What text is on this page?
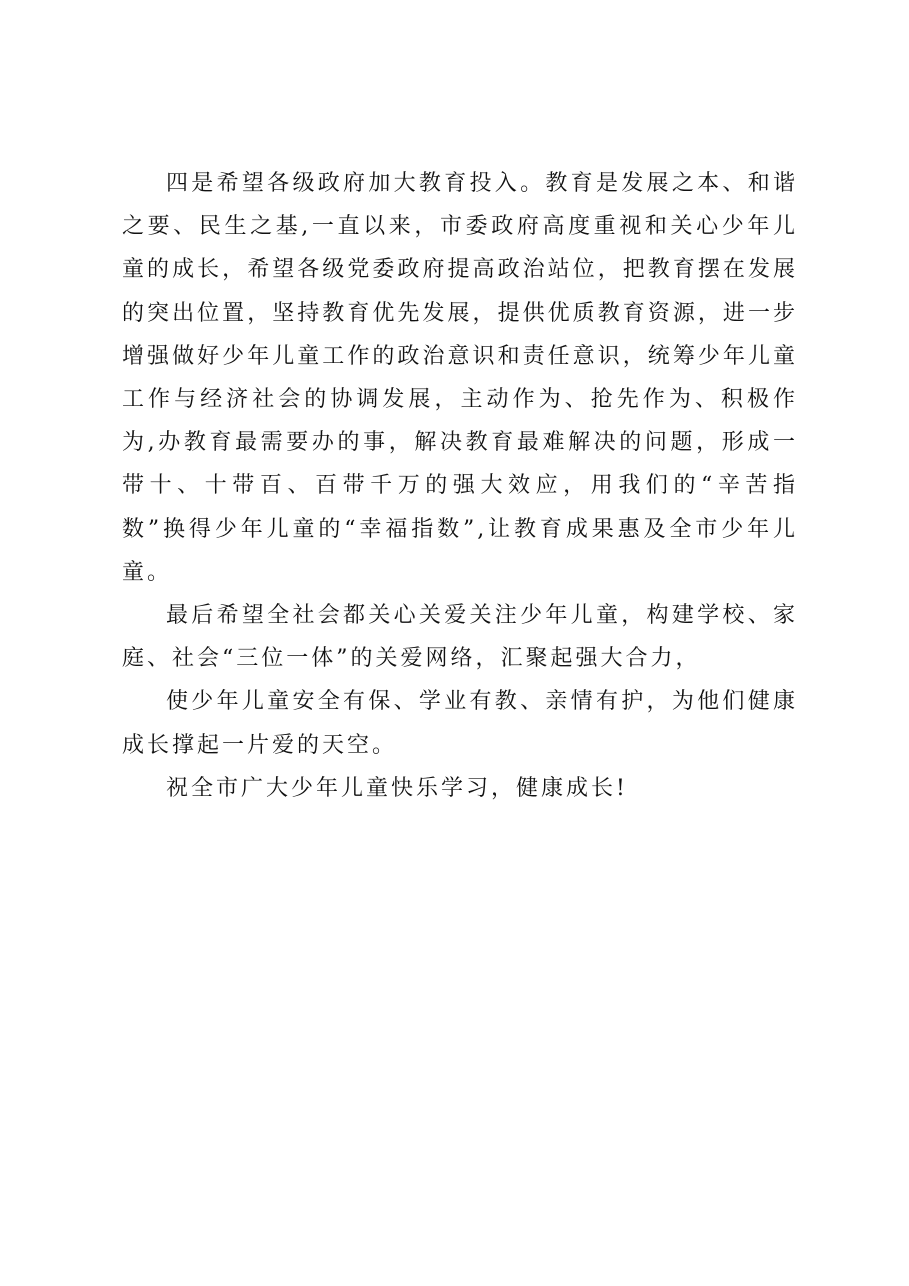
四是希望各级政府加大教育投入。教育是发展之本、和谐之要、民生之基,一直以来，市委政府高度重视和关心少年儿童的成长，希望各级党委政府提高政治站位，把教育摆在发展的突出位置，坚持教育优先发展，提供优质教育资源，进一步增强做好少年儿童工作的政治意识和责任意识，统筹少年儿童工作与经济社会的协调发展，主动作为、抢先作为、积极作为,办教育最需要办的事，解决教育最难解决的问题，形成一带十、十带百、百带千万的强大效应，用我们的“辛苦指数”换得少年儿童的“幸福指数”,让教育成果惠及全市少年儿童。

最后希望全社会都关心关爱关注少年儿童，构建学校、家庭、社会“三位一体”的关爱网络，汇聚起强大合力，

使少年儿童安全有保、学业有教、亲情有护，为他们健康成长撑起一片爱的天空。

祝全市广大少年儿童快乐学习，健康成长!
